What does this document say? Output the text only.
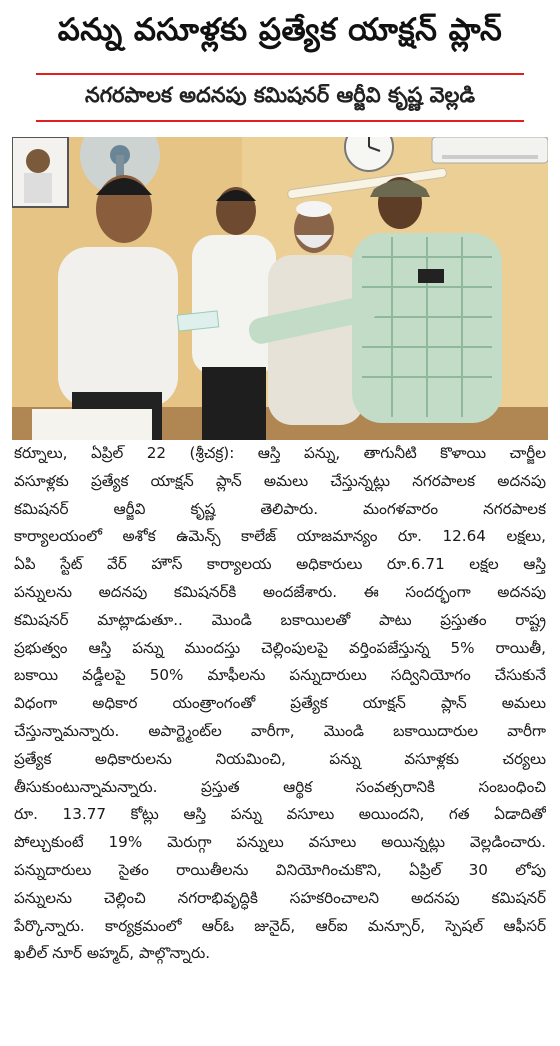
పన్ను వసూళ్లకు ప్రత్యేక యాక్షన్ ప్లాన్
నగరపాలక అదనపు కమిషనర్ ఆర్జీవి కృష్ణ వెల్లడి
కర్నూలు, ఏప్రిల్ 22 (శ్రీచక్ర): ఆస్తి పన్ను, తాగునీటి కొళాయి చార్జీల
వసూళ్లకు ప్రత్యేక యాక్షన్ ప్లాన్ అమలు చేస్తున్నట్లు నగరపాలక అదనపు
కమిషనర్ ఆర్జీవి కృష్ణ తెలిపారు. మంగళవారం నగరపాలక
కార్యాలయంలో అశోక ఉమెన్స్ కాలేజ్ యాజమాన్యం రూ. 12.64 లక్షలు,
ఏపి స్టేట్ వేర్ హౌస్ కార్యాలయ అధికారులు రూ.6.71 లక్షల ఆస్తి
పన్నులను అదనపు కమిషనర్‌కి అందజేశారు. ఈ సందర్భంగా అదనపు
కమిషనర్ మాట్లాడుతూ.. మొండి బకాయిలతో పాటు ప్రస్తుతం రాష్ట్ర
ప్రభుత్వం ఆస్తి పన్ను ముందస్తు చెల్లింపులపై వర్తింపజేస్తున్న 5% రాయితీ,
బకాయి వడ్డీలపై 50% మాఫీలను పన్నుదారులు సద్వినియోగం చేసుకునే
విధంగా అధికార యంత్రాంగంతో ప్రత్యేక యాక్షన్ ప్లాన్ అమలు
చేస్తున్నామన్నారు. అపార్ట్మెంట్‌ల వారీగా, మొండి బకాయిదారుల వారీగా
ప్రత్యేక అధికారులను నియమించి, పన్ను వసూళ్లకు చర్యలు
తీసుకుంటున్నామన్నారు. ప్రస్తుత ఆర్థిక సంవత్సరానికి సంబంధించి
రూ. 13.77 కోట్లు ఆస్తి పన్ను వసూలు అయిందని, గత ఏడాదితో
పోల్చుకుంటే 19% మెరుగ్గా పన్నులు వసూలు అయిన్నట్లు వెల్లడించారు.
పన్నుదారులు సైతం రాయితీలను వినియోగించుకొని, ఏప్రిల్ 30 లోపు
పన్నులను చెల్లించి నగరాభివృద్ధికి సహకరించాలని అదనపు కమిషనర్
పేర్కొన్నారు. కార్యక్రమంలో ఆర్ఓ జునైద్, ఆర్ఐ మన్సూర్, స్పెషల్ ఆఫీసర్
ఖలీల్ నూర్ అహ్మద్, పాల్గొన్నారు.
